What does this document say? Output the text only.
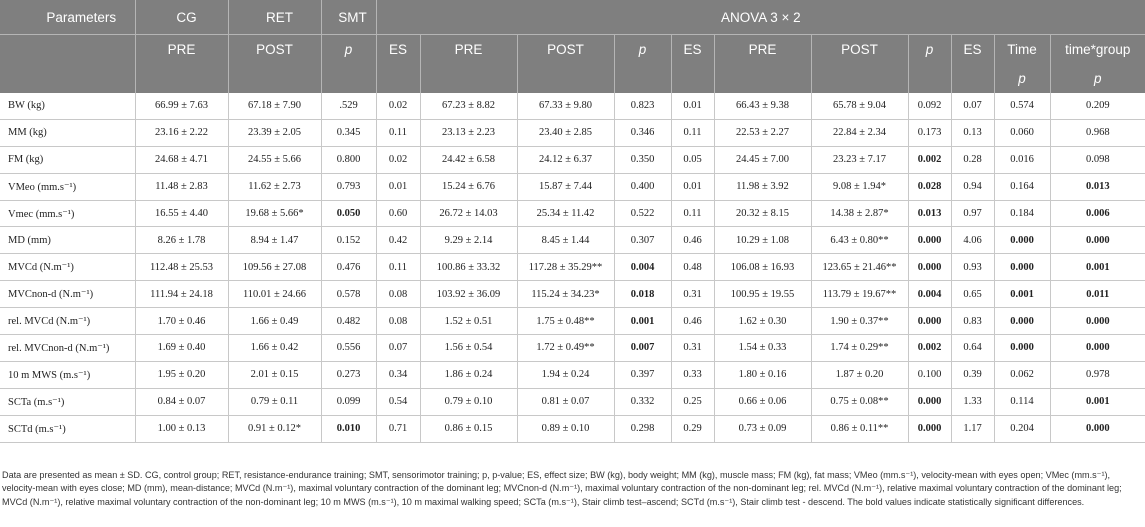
Parameters	CG	RET	SMT	ANOVA 3 × 2										
	PRE	POST	p	ES	PRE	POST	p	ES	PRE	POST	p	ES	Time	time*group
													p	p
BW (kg)	66.99 ± 7.63	67.18 ± 7.90	.529	0.02	67.23 ± 8.82	67.33 ± 9.80	0.823	0.01	66.43 ± 9.38	65.78 ± 9.04	0.092	0.07	0.574	0.209
MM (kg)	23.16 ± 2.22	23.39 ± 2.05	0.345	0.11	23.13 ± 2.23	23.40 ± 2.85	0.346	0.11	22.53 ± 2.27	22.84 ± 2.34	0.173	0.13	0.060	0.968
FM (kg)	24.68 ± 4.71	24.55 ± 5.66	0.800	0.02	24.42 ± 6.58	24.12 ± 6.37	0.350	0.05	24.45 ± 7.00	23.23 ± 7.17	0.002	0.28	0.016	0.098
VMeo (mm.s⁻¹)	11.48 ± 2.83	11.62 ± 2.73	0.793	0.01	15.24 ± 6.76	15.87 ± 7.44	0.400	0.01	11.98 ± 3.92	9.08 ± 1.94*	0.028	0.94	0.164	0.013
Vmec (mm.s⁻¹)	16.55 ± 4.40	19.68 ± 5.66*	0.050	0.60	26.72 ± 14.03	25.34 ± 11.42	0.522	0.11	20.32 ± 8.15	14.38 ± 2.87*	0.013	0.97	0.184	0.006
MD (mm)	8.26 ± 1.78	8.94 ± 1.47	0.152	0.42	9.29 ± 2.14	8.45 ± 1.44	0.307	0.46	10.29 ± 1.08	6.43 ± 0.80**	0.000	4.06	0.000	0.000
MVCd (N.m⁻¹)	112.48 ± 25.53	109.56 ± 27.08	0.476	0.11	100.86 ± 33.32	117.28 ± 35.29**	0.004	0.48	106.08 ± 16.93	123.65 ± 21.46**	0.000	0.93	0.000	0.001
MVCnon-d (N.m⁻¹)	111.94 ± 24.18	110.01 ± 24.66	0.578	0.08	103.92 ± 36.09	115.24 ± 34.23*	0.018	0.31	100.95 ± 19.55	113.79 ± 19.67**	0.004	0.65	0.001	0.011
rel. MVCd (N.m⁻¹)	1.70 ± 0.46	1.66 ± 0.49	0.482	0.08	1.52 ± 0.51	1.75 ± 0.48**	0.001	0.46	1.62 ± 0.30	1.90 ± 0.37**	0.000	0.83	0.000	0.000
rel. MVCnon-d (N.m⁻¹)	1.69 ± 0.40	1.66 ± 0.42	0.556	0.07	1.56 ± 0.54	1.72 ± 0.49**	0.007	0.31	1.54 ± 0.33	1.74 ± 0.29**	0.002	0.64	0.000	0.000
10 m MWS (m.s⁻¹)	1.95 ± 0.20	2.01 ± 0.15	0.273	0.34	1.86 ± 0.24	1.94 ± 0.24	0.397	0.33	1.80 ± 0.16	1.87 ± 0.20	0.100	0.39	0.062	0.978
SCTa (m.s⁻¹)	0.84 ± 0.07	0.79 ± 0.11	0.099	0.54	0.79 ± 0.10	0.81 ± 0.07	0.332	0.25	0.66 ± 0.06	0.75 ± 0.08**	0.000	1.33	0.114	0.001
SCTd (m.s⁻¹)	1.00 ± 0.13	0.91 ± 0.12*	0.010	0.71	0.86 ± 0.15	0.89 ± 0.10	0.298	0.29	0.73 ± 0.09	0.86 ± 0.11**	0.000	1.17	0.204	0.000
Data are presented as mean ± SD. CG, control group; RET, resistance-endurance training; SMT, sensorimotor training; p, p-value; ES, effect size; BW (kg), body weight; MM (kg), muscle mass; FM (kg), fat mass; VMeo (mm.s⁻¹), velocity-mean with eyes open; VMec (mm.s⁻¹), velocity-mean with eyes close; MD (mm), mean-distance; MVCd (N.m⁻¹), maximal voluntary contraction of the dominant leg; MVCnon-d (N.m⁻¹), maximal voluntary contraction of the non-dominant leg; rel. MVCd (N.m⁻¹), relative maximal voluntary contraction of the dominant leg; MVCd (N.m⁻¹), relative maximal voluntary contraction of the non-dominant leg; 10 m MWS (m.s⁻¹), 10 m maximal walking speed; SCTa (m.s⁻¹), Stair climb test–ascend; SCTd (m.s⁻¹), Stair climb test - descend. The bold values indicate statistically significant differences.
